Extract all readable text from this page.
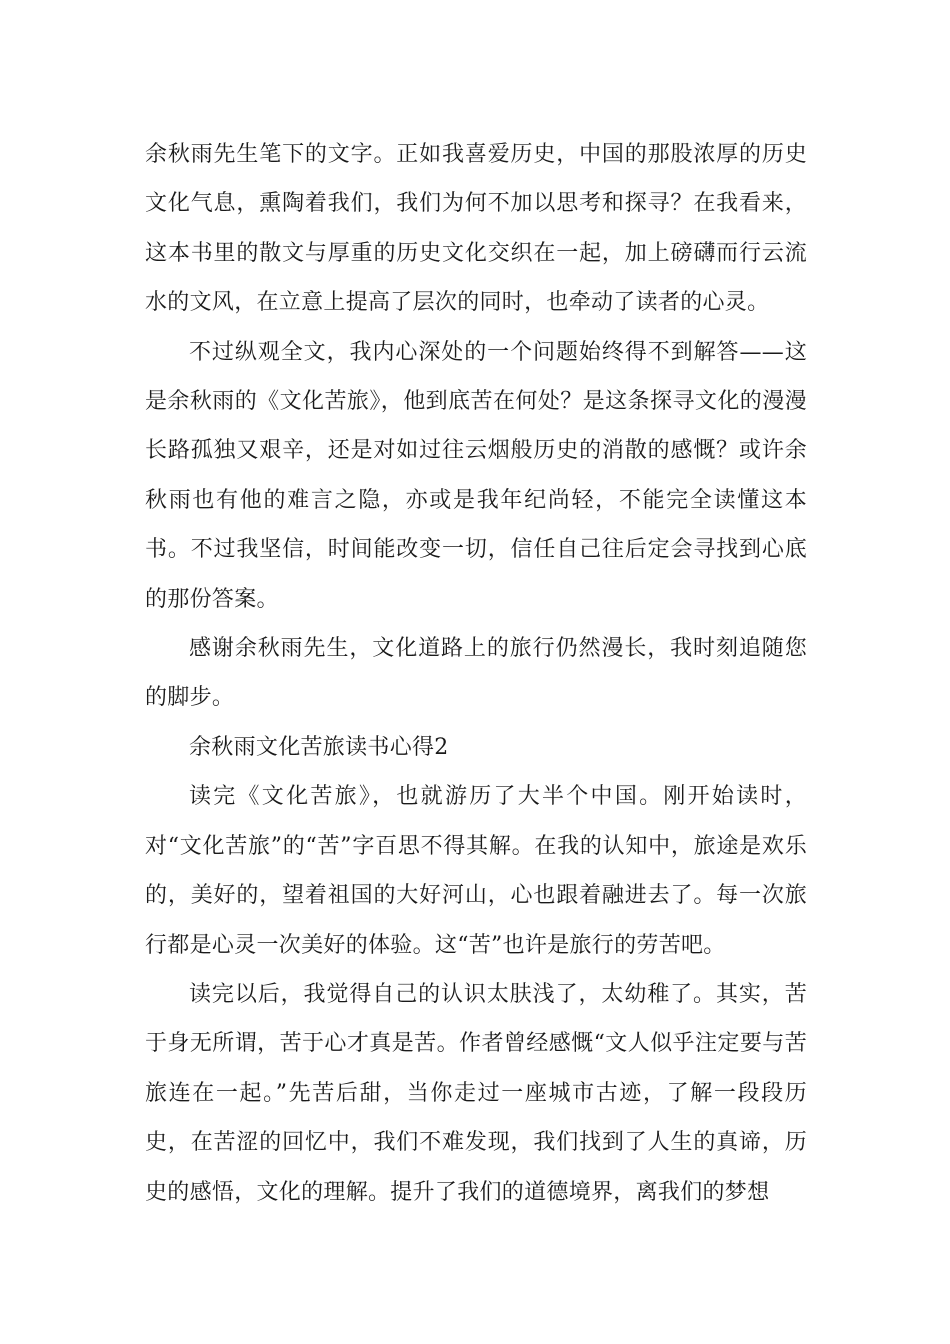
余秋雨先生笔下的文字。正如我喜爱历史，中国的那股浓厚的历史文化气息，熏陶着我们，我们为何不加以思考和探寻？在我看来，这本书里的散文与厚重的历史文化交织在一起，加上磅礴而行云流水的文风，在立意上提高了层次的同时，也牵动了读者的心灵。

不过纵观全文，我内心深处的一个问题始终得不到解答——这是余秋雨的《文化苦旅》，他到底苦在何处？是这条探寻文化的漫漫长路孤独又艰辛，还是对如过往云烟般历史的消散的感慨？或许余秋雨也有他的难言之隐，亦或是我年纪尚轻，不能完全读懂这本书。不过我坚信，时间能改变一切，信任自己往后定会寻找到心底的那份答案。

感谢余秋雨先生，文化道路上的旅行仍然漫长，我时刻追随您的脚步。

余秋雨文化苦旅读书心得2

读完《文化苦旅》，也就游历了大半个中国。刚开始读时，对“文化苦旅”的“苦”字百思不得其解。在我的认知中，旅途是欢乐的，美好的，望着祖国的大好河山，心也跟着融进去了。每一次旅行都是心灵一次美好的体验。这“苦”也许是旅行的劳苦吧。

读完以后，我觉得自己的认识太肤浅了，太幼稚了。其实，苦于身无所谓，苦于心才真是苦。作者曾经感慨“文人似乎注定要与苦旅连在一起。”先苦后甜，当你走过一座城市古迹，了解一段段历史，在苦涩的回忆中，我们不难发现，我们找到了人生的真谛，历史的感悟，文化的理解。提升了我们的道德境界，离我们的梦想
